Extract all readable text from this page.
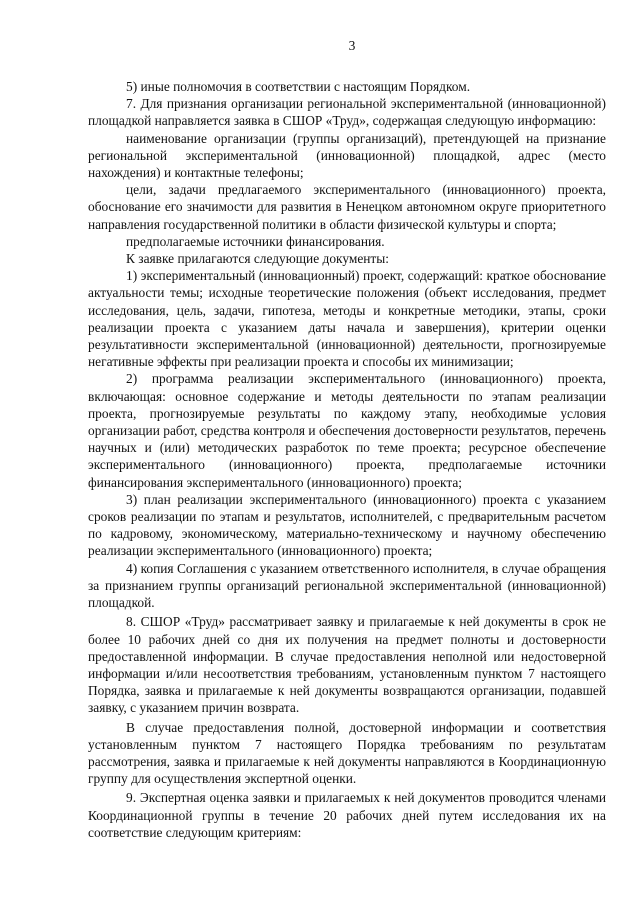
3

5) иные полномочия в соответствии с настоящим Порядком.

7. Для признания организации региональной экспериментальной (инновационной) площадкой направляется заявка в СШОР «Труд», содержащая следующую информацию:

наименование организации (группы организаций), претендующей на признание региональной экспериментальной (инновационной) площадкой, адрес (место нахождения) и контактные телефоны;

цели, задачи предлагаемого экспериментального (инновационного) проекта, обоснование его значимости для развития в Ненецком автономном округе приоритетного направления государственной политики в области физической культуры и спорта;

предполагаемые источники финансирования.

К заявке прилагаются следующие документы:

1) экспериментальный (инновационный) проект, содержащий: краткое обоснование актуальности темы; исходные теоретические положения (объект исследования, предмет исследования, цель, задачи, гипотеза, методы и конкретные методики, этапы, сроки реализации проекта с указанием даты начала и завершения), критерии оценки результативности экспериментальной (инновационной) деятельности, прогнозируемые негативные эффекты при реализации проекта и способы их минимизации;

2) программа реализации экспериментального (инновационного) проекта, включающая: основное содержание и методы деятельности по этапам реализации проекта, прогнозируемые результаты по каждому этапу, необходимые условия организации работ, средства контроля и обеспечения достоверности результатов, перечень научных и (или) методических разработок по теме проекта; ресурсное обеспечение экспериментального (инновационного) проекта, предполагаемые источники финансирования экспериментального (инновационного) проекта;

3) план реализации экспериментального (инновационного) проекта с указанием сроков реализации по этапам и результатов, исполнителей, с предварительным расчетом по кадровому, экономическому, материально-техническому и научному обеспечению реализации экспериментального (инновационного) проекта;

4) копия Соглашения с указанием ответственного исполнителя, в случае обращения за признанием группы организаций региональной экспериментальной (инновационной) площадкой.

8. СШОР «Труд» рассматривает заявку и прилагаемые к ней документы в срок не более 10 рабочих дней со дня их получения на предмет полноты и достоверности предоставленной информации. В случае предоставления неполной или недостоверной информации и/или несоответствия требованиям, установленным пунктом 7 настоящего Порядка, заявка и прилагаемые к ней документы возвращаются организации, подавшей заявку, с указанием причин возврата.

В случае предоставления полной, достоверной информации и соответствия установленным пунктом 7 настоящего Порядка требованиям по результатам рассмотрения, заявка и прилагаемые к ней документы направляются в Координационную группу для осуществления экспертной оценки.

9. Экспертная оценка заявки и прилагаемых к ней документов проводится членами Координационной группы в течение 20 рабочих дней путем исследования их на соответствие следующим критериям:
